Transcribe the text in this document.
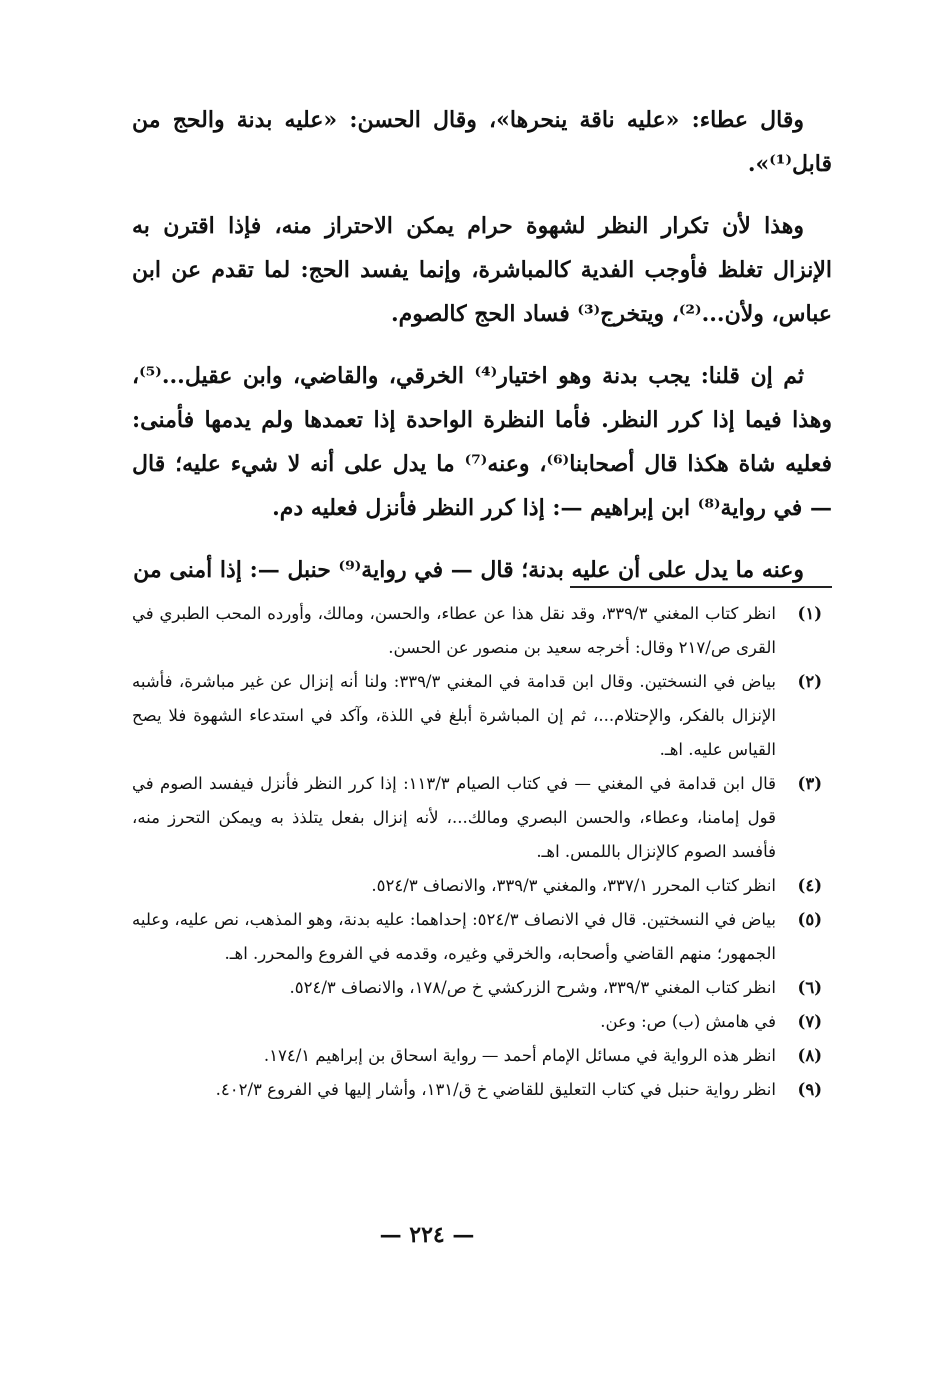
وقال عطاء: «عليه ناقة ينحرها»، وقال الحسن: «عليه بدنة والحج من قابل⁽¹⁾».

وهذا لأن تكرار النظر لشهوة حرام يمكن الاحتراز منه، فإذا اقترن به الإنزال تغلظ فأوجب الفدية كالمباشرة، وإنما يفسد الحج: لما تقدم عن ابن عباس، ولأن...⁽²⁾، ويتخرج⁽³⁾ فساد الحج كالصوم.

ثم إن قلنا: يجب بدنة وهو اختيار⁽⁴⁾ الخرقي، والقاضي، وابن عقيل...⁽⁵⁾، وهذا فيما إذا كرر النظر. فأما النظرة الواحدة إذا تعمدها ولم يدمها فأمنى: فعليه شاة هكذا قال أصحابنا⁽⁶⁾، وعنه⁽⁷⁾ ما يدل على أنه لا شيء عليه؛ قال — في رواية⁽⁸⁾ ابن إبراهيم —: إذا كرر النظر فأنزل فعليه دم.

وعنه ما يدل على أن عليه بدنة؛ قال — في رواية⁽⁹⁾ حنبل —: إذا أمنى من

(١)
انظر كتاب المغني ٣٣٩/٣، وقد نقل هذا عن عطاء، والحسن، ومالك، وأورده المحب الطبري في القرى ص/٢١٧ وقال: أخرجه سعيد بن منصور عن الحسن.
(٢)
بياض في النسختين. وقال ابن قدامة في المغني ٣٣٩/٣: ولنا أنه إنزال عن غير مباشرة، فأشبه الإنزال بالفكر، والإحتلام...، ثم إن المباشرة أبلغ في اللذة، وآكد في استدعاء الشهوة فلا يصح القياس عليه. اهـ.
(٣)
قال ابن قدامة في المغني — في كتاب الصيام ١١٣/٣: إذا كرر النظر فأنزل فيفسد الصوم في قول إمامنا، وعطاء، والحسن البصري ومالك...، لأنه إنزال بفعل يتلذذ به ويمكن التحرز منه، فأفسد الصوم كالإنزال باللمس. اهـ.
(٤)
انظر كتاب المحرر ٣٣٧/١، والمغني ٣٣٩/٣، والانصاف ٥٢٤/٣.
(٥)
بياض في النسختين. قال في الانصاف ٥٢٤/٣: إحداهما: عليه بدنة، وهو المذهب، نص عليه، وعليه الجمهور؛ منهم القاضي وأصحابه، والخرقي وغيره، وقدمه في الفروع والمحرر. اهـ.
(٦)
انظر كتاب المغني ٣٣٩/٣، وشرح الزركشي خ ص/١٧٨، والانصاف ٥٢٤/٣.
(٧)
في هامش (ب) ص: وعن.
(٨)
انظر هذه الرواية في مسائل الإمام أحمد — رواية اسحاق بن إبراهيم ١٧٤/١.
(٩)
انظر رواية حنبل في كتاب التعليق للقاضي خ ق/١٣١، وأشار إليها في الفروع ٤٠٢/٣.
— ٢٢٤ —
